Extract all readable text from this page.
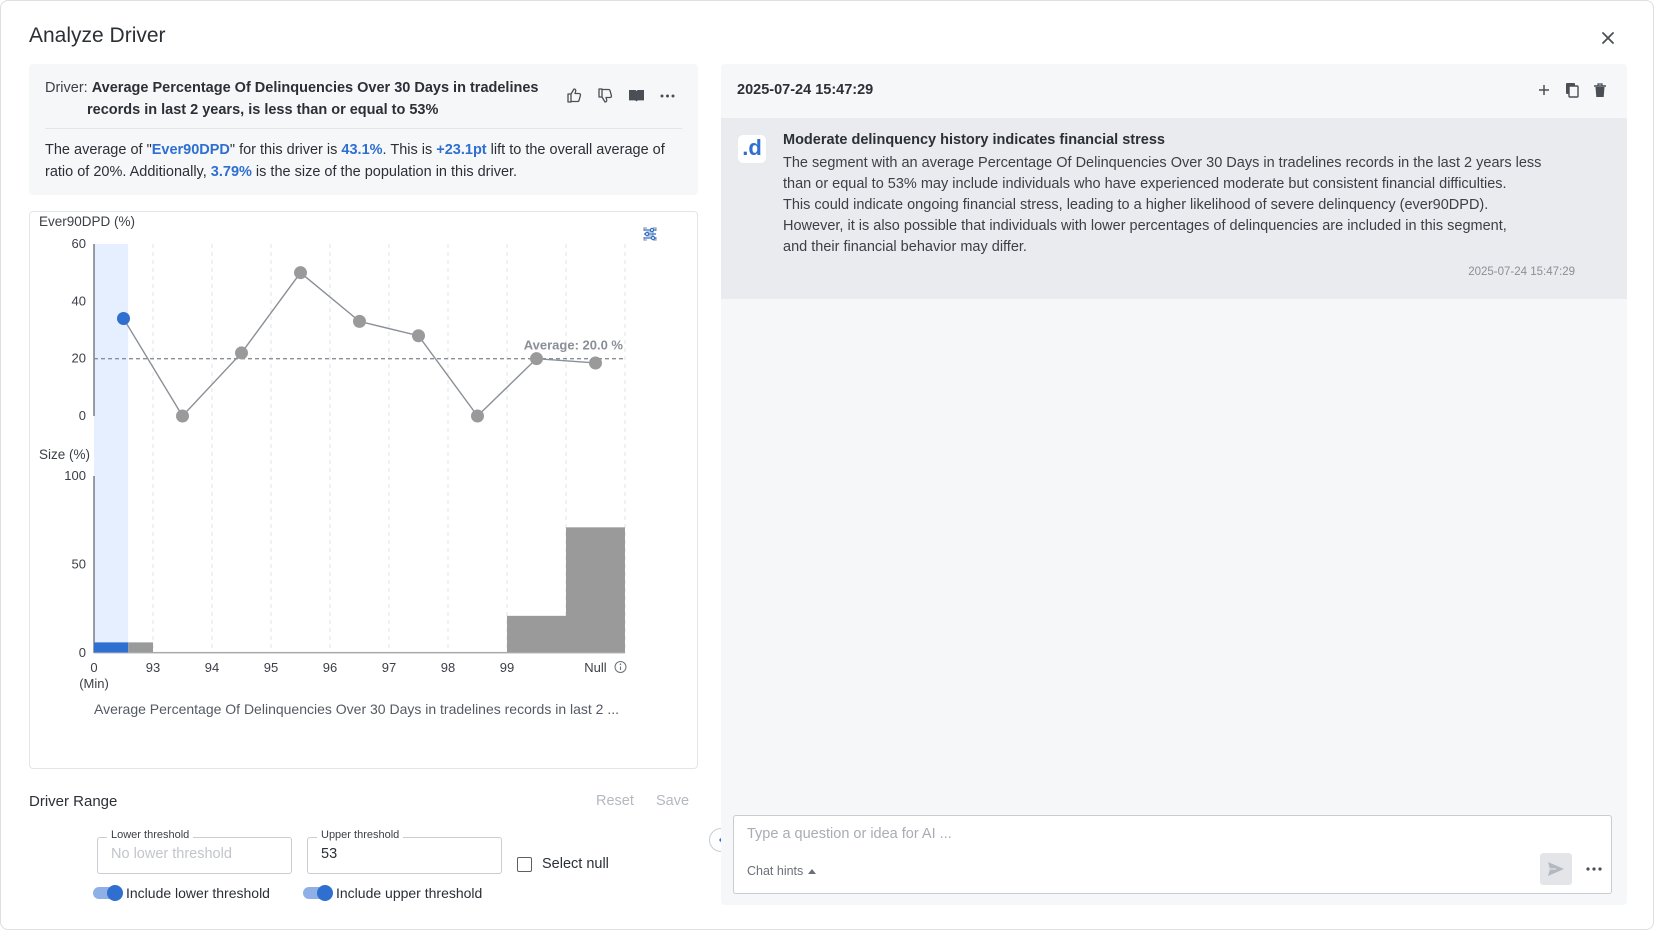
Analyze Driver
Driver: Average Percentage Of Delinquencies Over 30 Days in tradelines
records in last 2 years, is less than or equal to 53%
The average of "Ever90DPD" for this driver is 43.1%. This is +23.1pt lift to the overall average of ratio of 20%. Additionally, 3.79% is the size of the population in this driver.
Ever90DPD (%)
Size (%)
0
20
40
60
0
50
100
Average: 20.0 %
0	93	94	95	96	97	98	99	Null
(Min)
Average Percentage Of Delinquencies Over 30 Days in tradelines records in last 2 ...
Driver Range	Reset Save
Lower threshold
No lower threshold	Upper threshold
53
Select null
Include lower threshold	Include upper threshold
2025-07-24 15:47:29
.d Moderate delinquency history indicates financial stress
The segment with an average Percentage Of Delinquencies Over 30 Days in tradelines records in the last 2 years less
than or equal to 53% may include individuals who have experienced moderate but consistent financial difficulties.
This could indicate ongoing financial stress, leading to a higher likelihood of severe delinquency (ever90DPD).
However, it is also possible that individuals with lower percentages of delinquencies are included in this segment,
and their financial behavior may differ.
2025-07-24 15:47:29
Type a question or idea for AI ...
Chat hints
